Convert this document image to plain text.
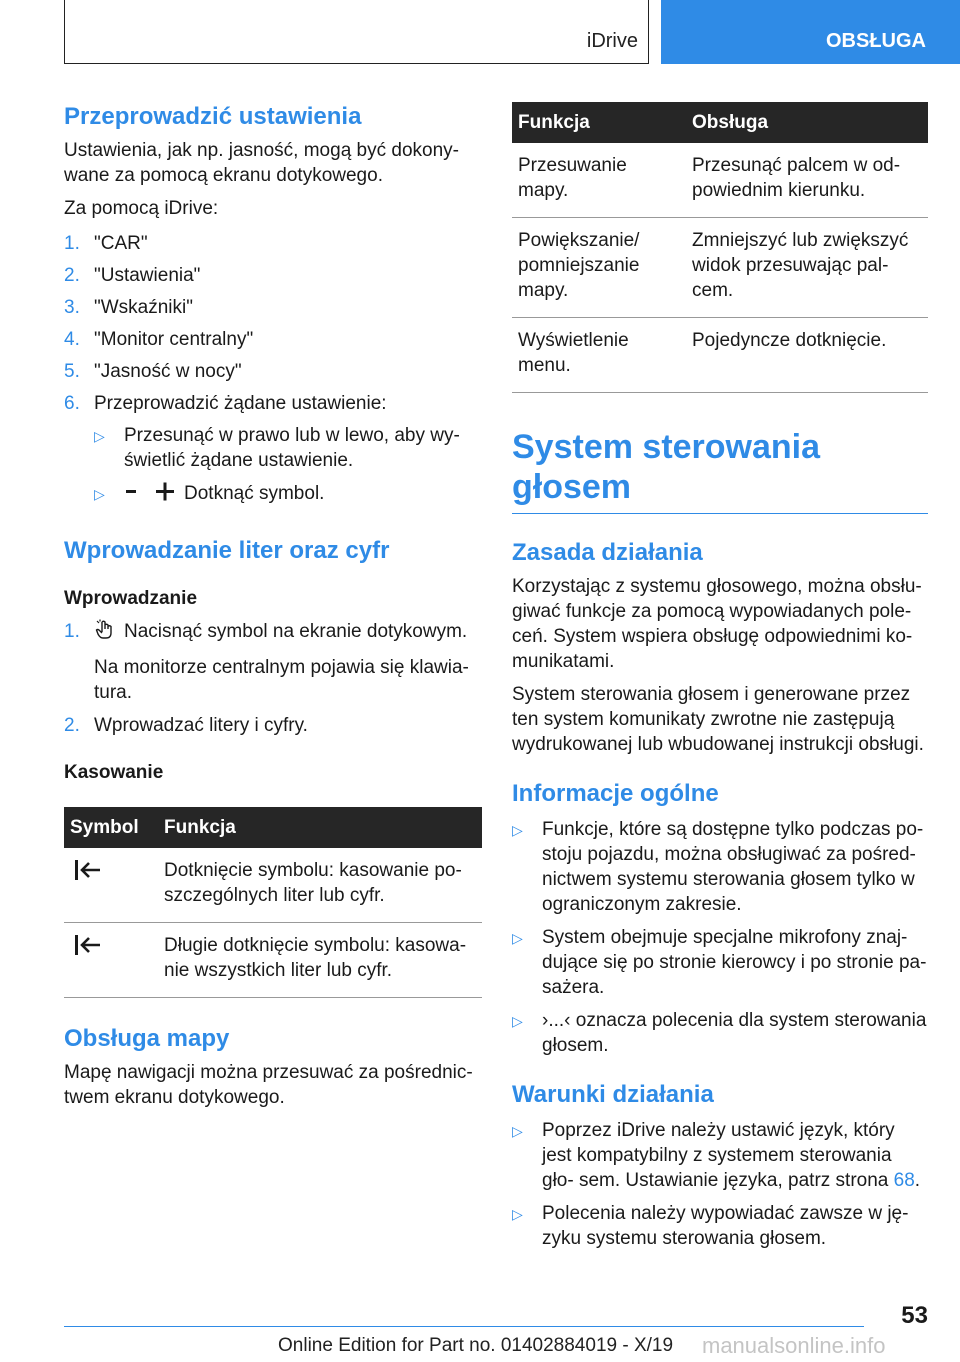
iDrive	OBSŁUGA
Przeprowadzić ustawienia

Ustawienia, jak np. jasność, mogą być dokony‐ wane za pomocą ekranu dotykowego.

Za pomocą iDrive:

1. "CAR"
2. "Ustawienia"
3. "Wskaźniki"
4. "Monitor centralny"
5. "Jasność w nocy"
6. Przeprowadzić żądane ustawienie:
▷	Przesunąć w prawo lub w lewo, aby wy‐ świetlić żądane ustawienie.
▷	Dotknąć symbol.
Wprowadzanie liter oraz cyfr
Wprowadzanie
1.	Nacisnąć symbol na ekranie dotykowym.

Na monitorze centralnym pojawia się klawia‐ tura.

2. Wprowadzać litery i cyfry.
Kasowanie
Symbol	Funkcja
	Dotknięcie symbolu: kasowanie po‐ szczególnych liter lub cyfr.
	Długie dotknięcie symbolu: kasowa‐ nie wszystkich liter lub cyfr.
Obsługa mapy

Mapę nawigacji można przesuwać za pośrednic‐ twem ekranu dotykowego.

Funkcja	Obsługa
Przesuwanie mapy.	Przesunąć palcem w od‐ powiednim kierunku.
Powiększanie/ pomniejszanie mapy.	Zmniejszyć lub zwiększyć widok przesuwając pal‐ cem.
Wyświetlenie menu.	Pojedyncze dotknięcie.
System sterowania głosem
Zasada działania

Korzystając z systemu głosowego, można obsłu‐ giwać funkcje za pomocą wypowiadanych pole‐ ceń. System wspiera obsługę odpowiednimi ko‐ munikatami.

System sterowania głosem i generowane przez ten system komunikaty zwrotne nie zastępują wydrukowanej lub wbudowanej instrukcji obsługi.

Informacje ogólne
▷	Funkcje, które są dostępne tylko podczas po‐ stoju pojazdu, można obsługiwać za pośred‐ nictwem systemu sterowania głosem tylko w ograniczonym zakresie.
▷	System obejmuje specjalne mikrofony znaj‐ dujące się po stronie kierowcy i po stronie pa‐ sażera.
▷	›...‹ oznacza polecenia dla system sterowania głosem.
Warunki działania
▷	Poprzez iDrive należy ustawić język, który jest kompatybilny z systemem sterowania gło‐ sem. Ustawianie języka, patrz strona 68.
▷	Polecenia należy wypowiadać zawsze w ję‐ zyku systemu sterowania głosem.
53
Online Edition for Part no. 01402884019 - X/19 manualsonline.info
